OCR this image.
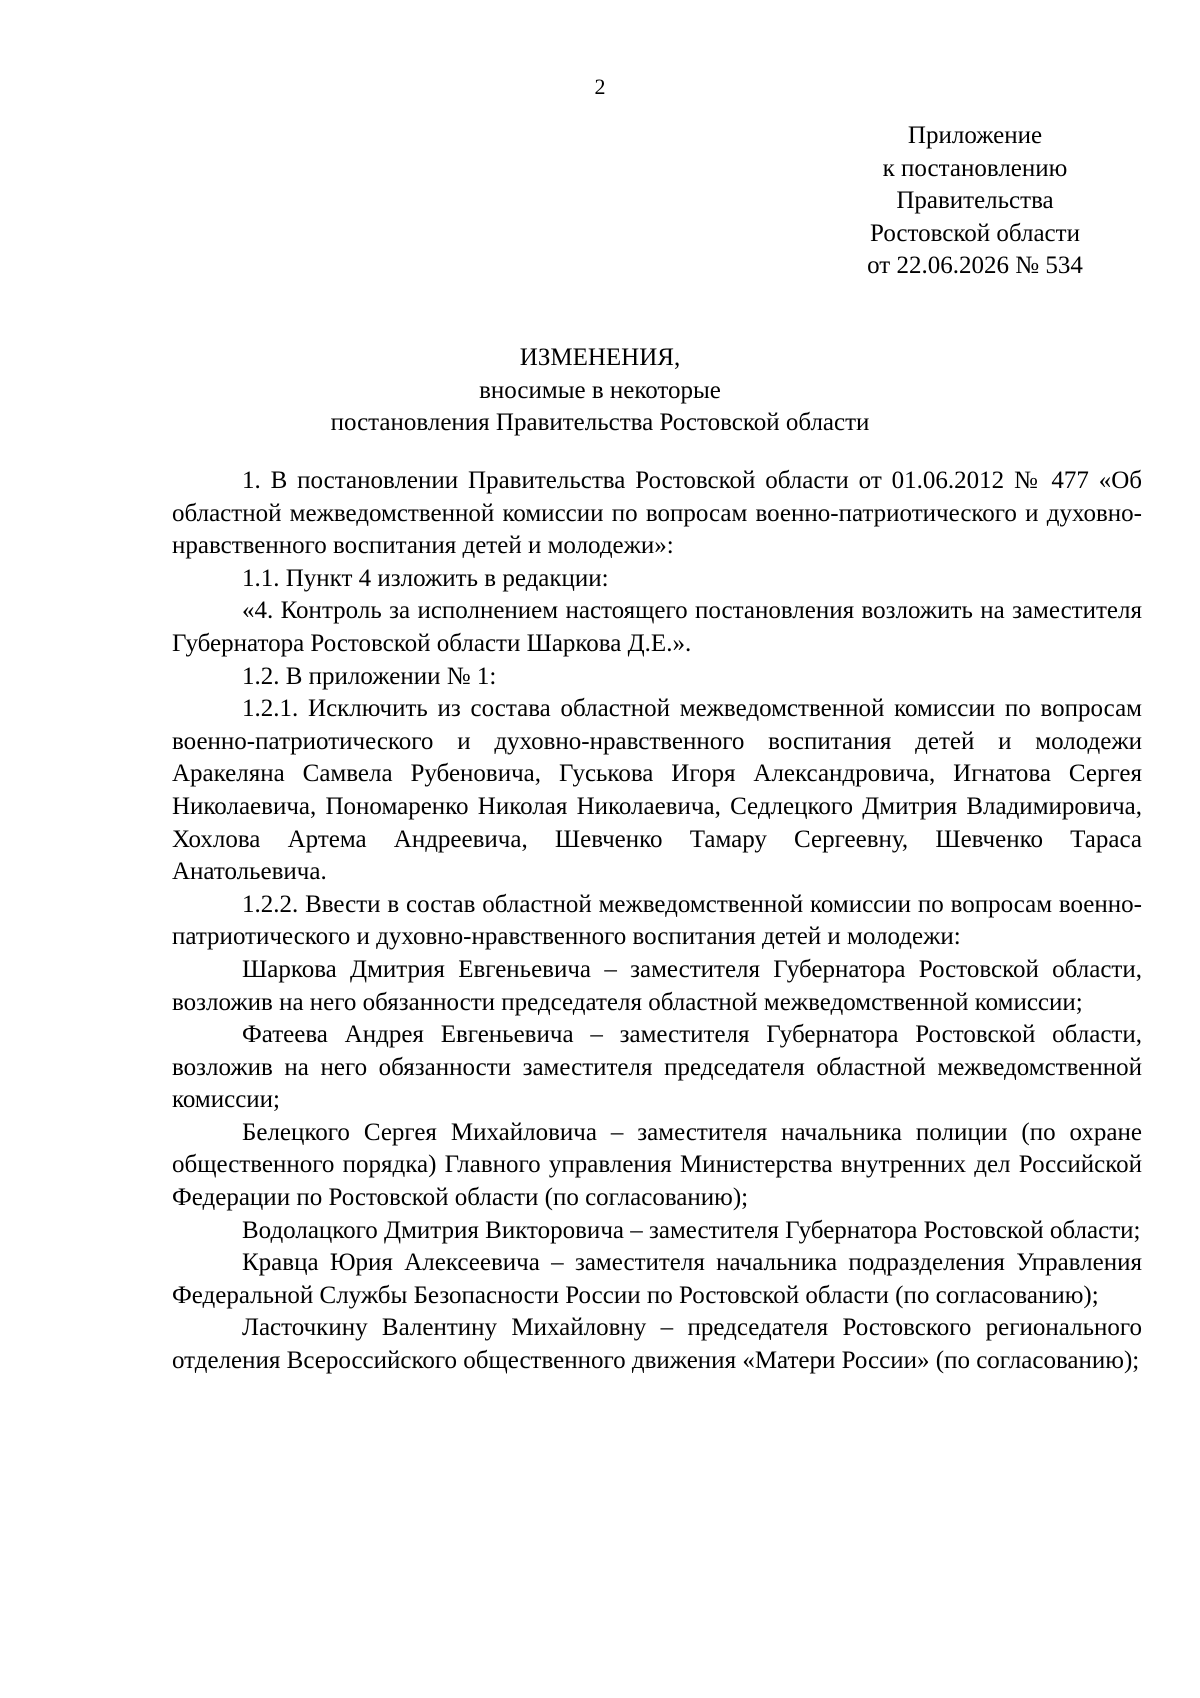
2
Приложение
к постановлению
Правительства
Ростовской области
от 22.06.2026 № 534
ИЗМЕНЕНИЯ,
вносимые в некоторые
постановления Правительства Ростовской области

1. В постановлении Правительства Ростовской области от 01.06.2012 № 477 «Об областной межведомственной комиссии по вопросам военно-патриотического и духовно-нравственного воспитания детей и молодежи»:

1.1. Пункт 4 изложить в редакции:

«4. Контроль за исполнением настоящего постановления возложить на заместителя Губернатора Ростовской области Шаркова Д.Е.».

1.2. В приложении № 1:

1.2.1. Исключить из состава областной межведомственной комиссии по вопросам военно-патриотического и духовно-нравственного воспитания детей и молодежи Аракеляна Самвела Рубеновича, Гуськова Игоря Александровича, Игнатова Сергея Николаевича, Пономаренко Николая Николаевича, Седлецкого Дмитрия Владимировича, Хохлова Артема Андреевича, Шевченко Тамару Сергеевну, Шевченко Тараса Анатольевича.

1.2.2. Ввести в состав областной межведомственной комиссии по вопросам военно-патриотического и духовно-нравственного воспитания детей и молодежи:

Шаркова Дмитрия Евгеньевича – заместителя Губернатора Ростовской области, возложив на него обязанности председателя областной межведомственной комиссии;

Фатеева Андрея Евгеньевича – заместителя Губернатора Ростовской области, возложив на него обязанности заместителя председателя областной межведомственной комиссии;

Белецкого Сергея Михайловича – заместителя начальника полиции (по охране общественного порядка) Главного управления Министерства внутренних дел Российской Федерации по Ростовской области (по согласованию);

Водолацкого Дмитрия Викторовича – заместителя Губернатора Ростовской области;

Кравца Юрия Алексеевича – заместителя начальника подразделения Управления Федеральной Службы Безопасности России по Ростовской области (по согласованию);

Ласточкину Валентину Михайловну – председателя Ростовского регионального отделения Всероссийского общественного движения «Матери России» (по согласованию);
